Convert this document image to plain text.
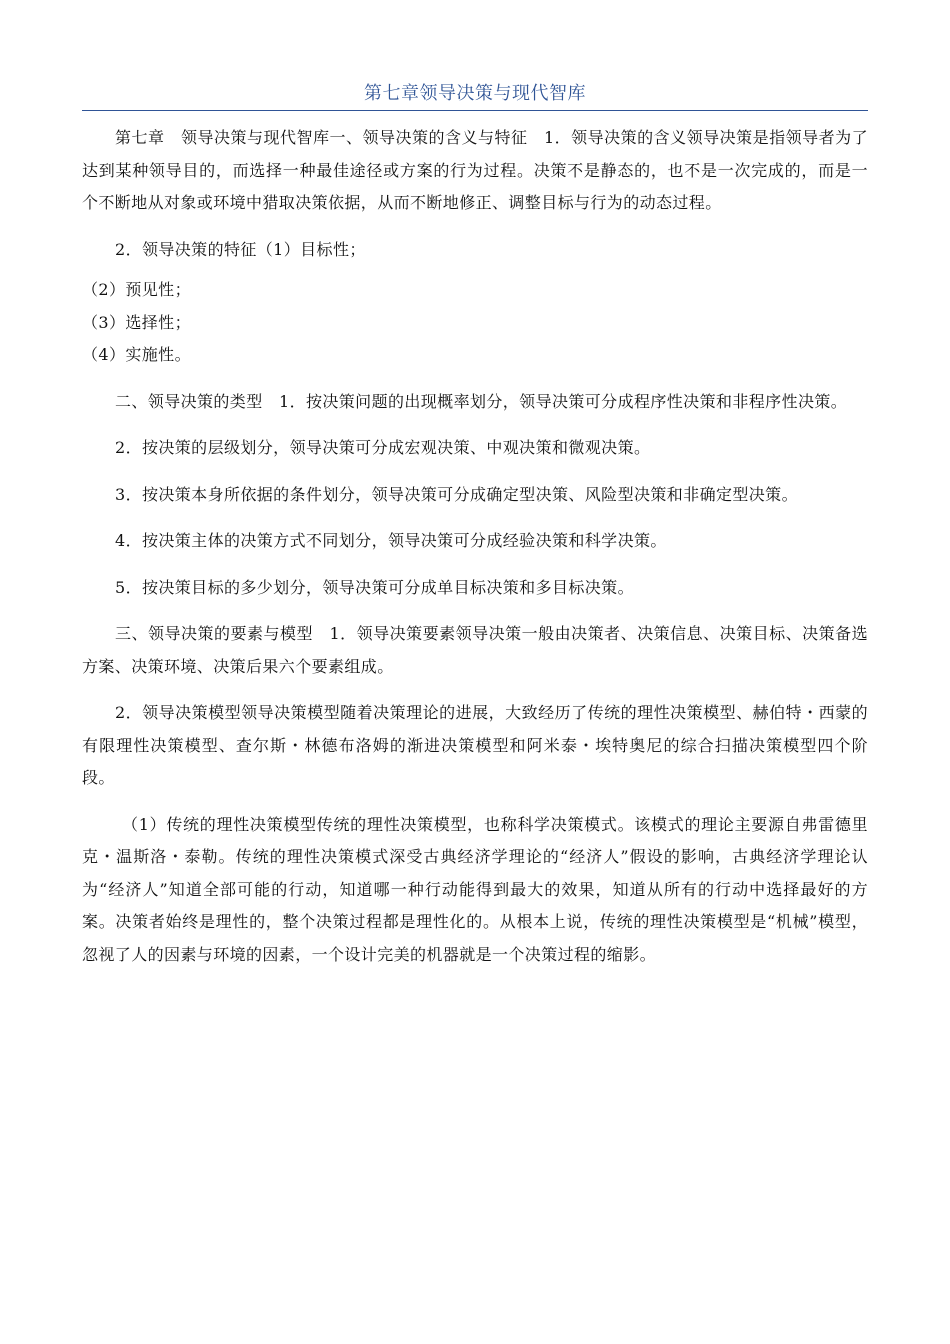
第七章领导决策与现代智库

第七章　领导决策与现代智库一、领导决策的含义与特征　1．领导决策的含义领导决策是指领导者为了达到某种领导目的，而选择一种最佳途径或方案的行为过程。决策不是静态的，也不是一次完成的，而是一个不断地从对象或环境中猎取决策依据，从而不断地修正、调整目标与行为的动态过程。

2．领导决策的特征（1）目标性；

（2）预见性；

（3）选择性；

（4）实施性。

二、领导决策的类型　1．按决策问题的出现概率划分，领导决策可分成程序性决策和非程序性决策。

2．按决策的层级划分，领导决策可分成宏观决策、中观决策和微观决策。

3．按决策本身所依据的条件划分，领导决策可分成确定型决策、风险型决策和非确定型决策。

4．按决策主体的决策方式不同划分，领导决策可分成经验决策和科学决策。

5．按决策目标的多少划分，领导决策可分成单目标决策和多目标决策。

三、领导决策的要素与模型　1．领导决策要素领导决策一般由决策者、决策信息、决策目标、决策备选方案、决策环境、决策后果六个要素组成。

2．领导决策模型领导决策模型随着决策理论的进展，大致经历了传统的理性决策模型、赫伯特・西蒙的有限理性决策模型、查尔斯・林德布洛姆的渐进决策模型和阿米泰・埃特奥尼的综合扫描决策模型四个阶段。

（1）传统的理性决策模型传统的理性决策模型，也称科学决策模式。该模式的理论主要源自弗雷德里克・温斯洛・泰勒。传统的理性决策模式深受古典经济学理论的“经济人”假设的影响，古典经济学理论认为“经济人”知道全部可能的行动，知道哪一种行动能得到最大的效果，知道从所有的行动中选择最好的方案。决策者始终是理性的，整个决策过程都是理性化的。从根本上说，传统的理性决策模型是“机械”模型，忽视了人的因素与环境的因素，一个设计完美的机器就是一个决策过程的缩影。
